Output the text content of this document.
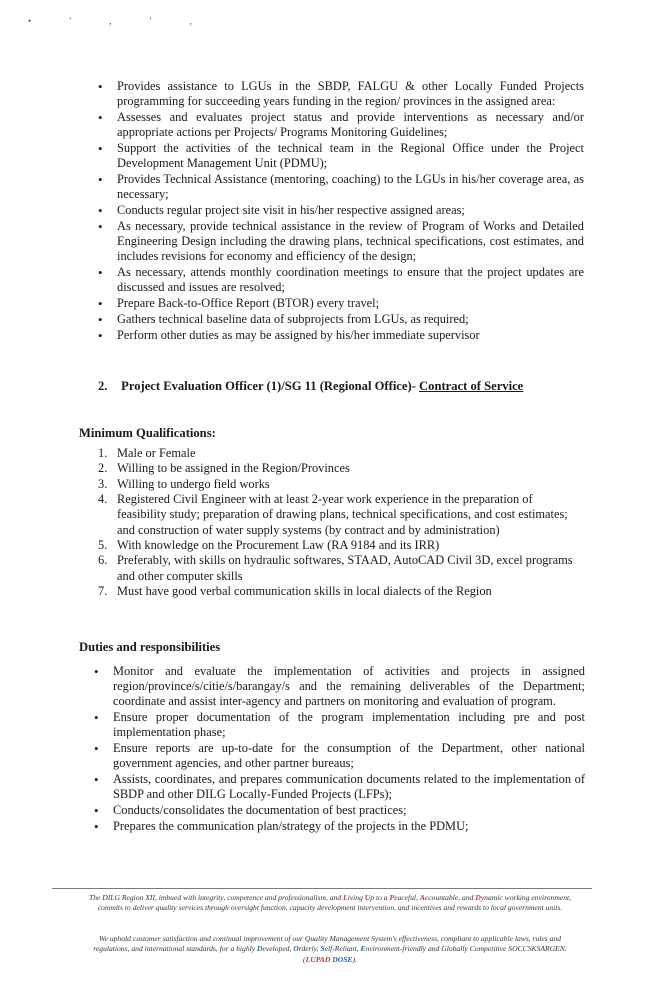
• ' , ' ,
• Provides assistance to LGUs in the SBDP, FALGU & other Locally Funded Projects programming for succeeding years funding in the region/ provinces in the assigned area:
• Assesses and evaluates project status and provide interventions as necessary and/or appropriate actions per Projects/ Programs Monitoring Guidelines;
• Support the activities of the technical team in the Regional Office under the Project Development Management Unit (PDMU);
• Provides Technical Assistance (mentoring, coaching) to the LGUs in his/her coverage area, as necessary;
• Conducts regular project site visit in his/her respective assigned areas;
• As necessary, provide technical assistance in the review of Program of Works and Detailed Engineering Design including the drawing plans, technical specifications, cost estimates, and includes revisions for economy and efficiency of the design;
• As necessary, attends monthly coordination meetings to ensure that the project updates are discussed and issues are resolved;
• Prepare Back-to-Office Report (BTOR) every travel;
• Gathers technical baseline data of subprojects from LGUs, as required;
• Perform other duties as may be assigned by his/her immediate supervisor
2. Project Evaluation Officer (1)/SG 11 (Regional Office)- Contract of Service
Minimum Qualifications:
1. Male or Female
2. Willing to be assigned in the Region/Provinces
3. Willing to undergo field works
4. Registered Civil Engineer with at least 2-year work experience in the preparation of feasibility study; preparation of drawing plans, technical specifications, and cost estimates; and construction of water supply systems (by contract and by administration)
5. With knowledge on the Procurement Law (RA 9184 and its IRR)
6. Preferably, with skills on hydraulic softwares, STAAD, AutoCAD Civil 3D, excel programs and other computer skills
7. Must have good verbal communication skills in local dialects of the Region
Duties and responsibilities
• Monitor and evaluate the implementation of activities and projects in assigned region/province/s/citie/s/barangay/s and the remaining deliverables of the Department; coordinate and assist inter-agency and partners on monitoring and evaluation of program.
• Ensure proper documentation of the program implementation including pre and post implementation phase;
• Ensure reports are up-to-date for the consumption of the Department, other national government agencies, and other partner bureaus;
• Assists, coordinates, and prepares communication documents related to the implementation of SBDP and other DILG Locally-Funded Projects (LFPs);
• Conducts/consolidates the documentation of best practices;
• Prepares the communication plan/strategy of the projects in the PDMU;
The DILG Region XII, imbued with integrity, competence and professionalism, and Living Up to a Peaceful, Accountable, and Dynamic working environment, commits to deliver quality services through oversight function, capacity development intervention, and incentives and rewards to local government units.
We uphold customer satisfaction and continual improvement of our Quality Management System's effectiveness, compliant to applicable laws, rules and regulations, and international standards, for a highly Developed, Orderly, Self-Reliant, Environment-friendly and Globally Competitive SOCCSKSARGEN. (LUPAD DOSE).
